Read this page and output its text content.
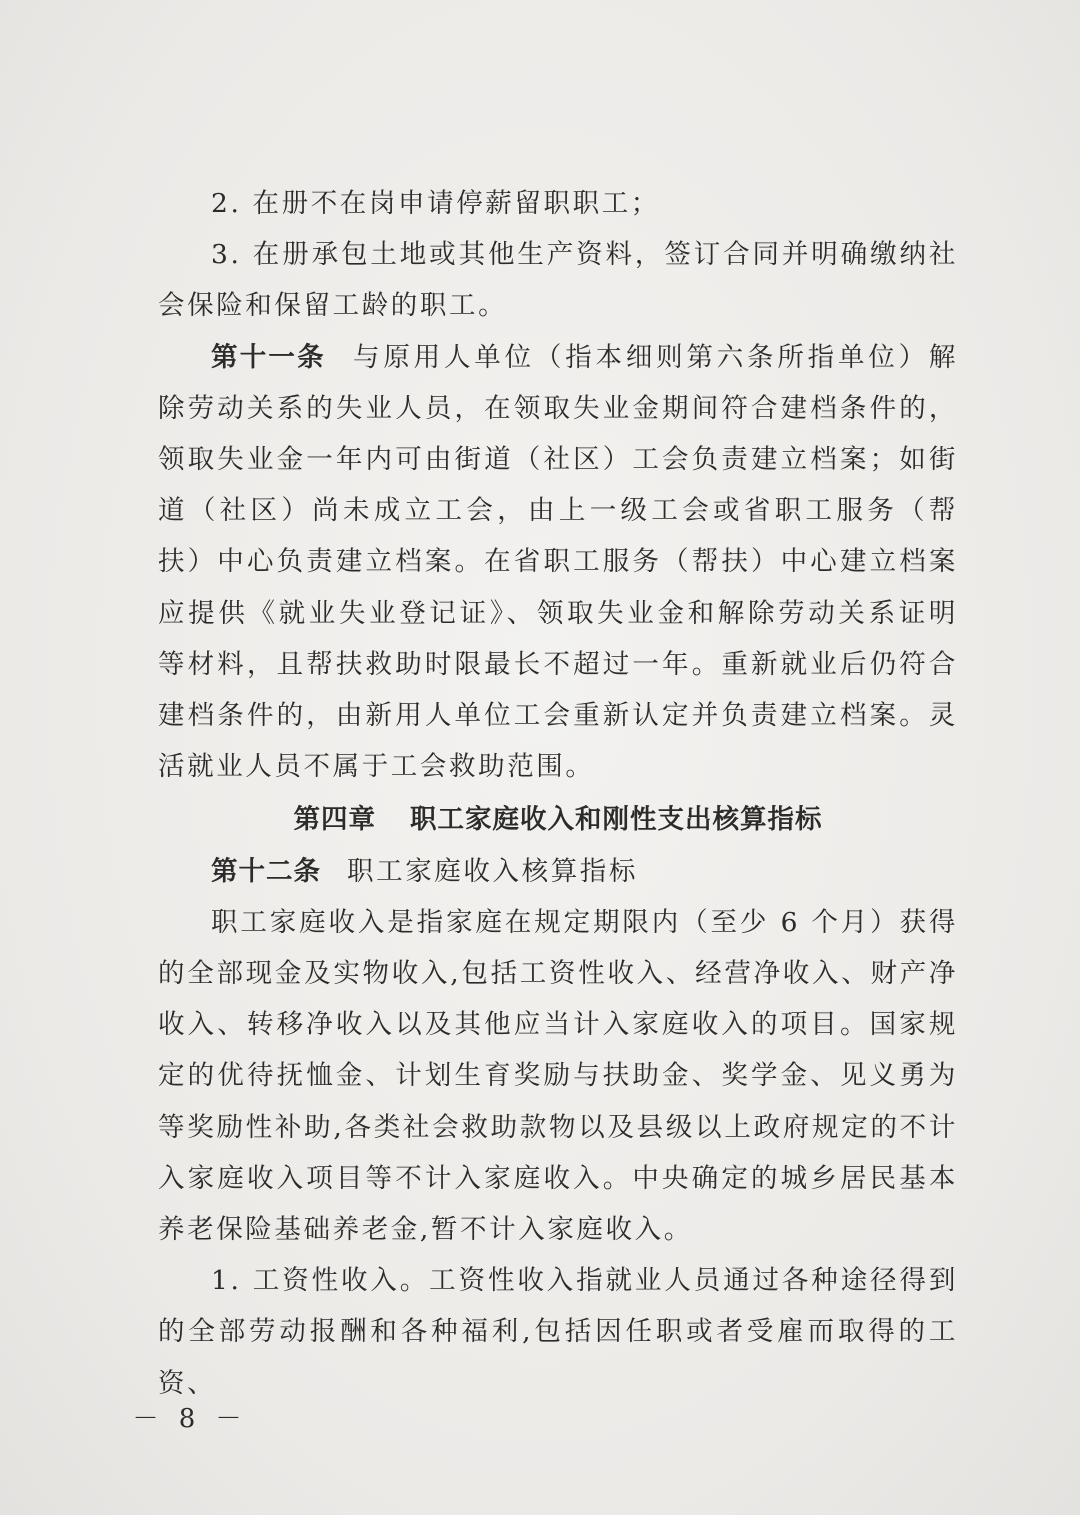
2. 在册不在岗申请停薪留职职工；

3. 在册承包土地或其他生产资料，签订合同并明确缴纳社会保险和保留工龄的职工。

第十一条 与原用人单位（指本细则第六条所指单位）解除劳动关系的失业人员，在领取失业金期间符合建档条件的，领取失业金一年内可由街道（社区）工会负责建立档案；如街道（社区）尚未成立工会，由上一级工会或省职工服务（帮扶）中心负责建立档案。在省职工服务（帮扶）中心建立档案应提供《就业失业登记证》、领取失业金和解除劳动关系证明等材料，且帮扶救助时限最长不超过一年。重新就业后仍符合建档条件的，由新用人单位工会重新认定并负责建立档案。灵活就业人员不属于工会救助范围。

第四章 职工家庭收入和刚性支出核算指标

第十二条 职工家庭收入核算指标

职工家庭收入是指家庭在规定期限内（至少 6 个月）获得的全部现金及实物收入,包括工资性收入、经营净收入、财产净收入、转移净收入以及其他应当计入家庭收入的项目。国家规定的优待抚恤金、计划生育奖励与扶助金、奖学金、见义勇为等奖励性补助,各类社会救助款物以及县级以上政府规定的不计入家庭收入项目等不计入家庭收入。中央确定的城乡居民基本养老保险基础养老金,暂不计入家庭收入。

1. 工资性收入。工资性收入指就业人员通过各种途径得到的全部劳动报酬和各种福利,包括因任职或者受雇而取得的工资、

－ 8 －
